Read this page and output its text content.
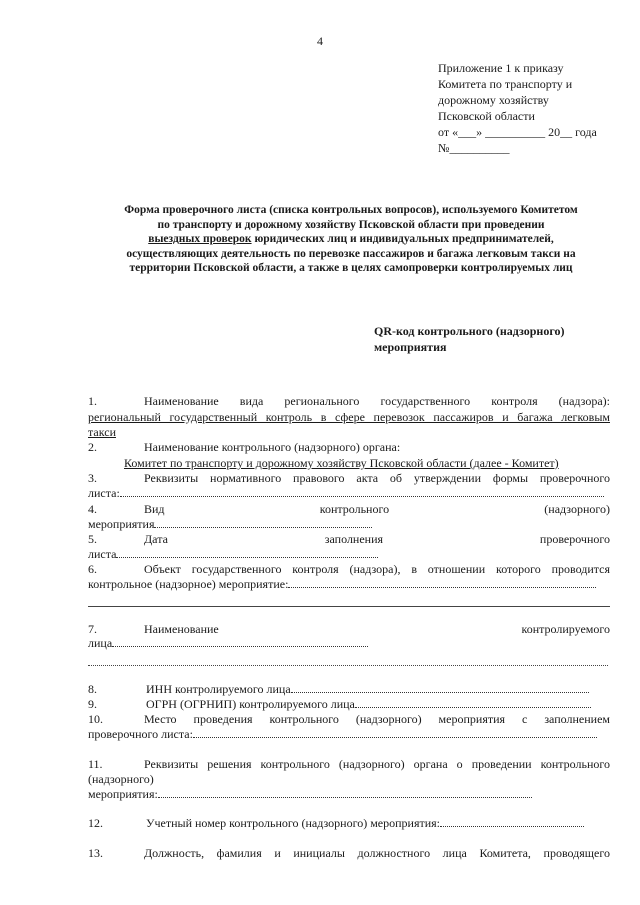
4
Приложение 1 к приказу
Комитета по транспорту и
дорожному хозяйству
Псковской области
от «___» __________ 20__ года
№__________
Форма проверочного листа (списка контрольных вопросов), используемого Комитетом
по транспорту и дорожному хозяйству Псковской области при проведении
выездных проверок юридических лиц и индивидуальных предпринимателей,
осуществляющих деятельность по перевозке пассажиров и багажа легковым такси на
территории Псковской области, а также в целях самопроверки контролируемых лиц
QR-код контрольного (надзорного)
мероприятия
1.	Наименование вида регионального государственного контроля (надзора):
региональный государственный контроль в сфере перевозок пассажиров и багажа легковым
такси
2.	Наименование контрольного (надзорного) органа:
Комитет по транспорту и дорожному хозяйству Псковской области (далее - Комитет)
3.	Реквизиты нормативного правового акта об утверждении формы проверочного
листа:
4.	Вид	контрольного	(надзорного)
мероприятия
5.	Дата	заполнения	проверочного
листа
6.	Объект государственного контроля (надзора), в отношении которого проводится
контрольное (надзорное) мероприятие:
7.	Наименование	контролируемого
лица
8.	ИНН контролируемого лица
9.	ОГРН (ОГРНИП) контролируемого лица
10.	Место проведения контрольного (надзорного) мероприятия с заполнением
проверочного листа:
11.	Реквизиты решения контрольного (надзорного) органа о проведении контрольного
(надзорного)
мероприятия:
12.	Учетный номер контрольного (надзорного) мероприятия:
13.	Должность, фамилия и инициалы должностного лица Комитета, проводящего
